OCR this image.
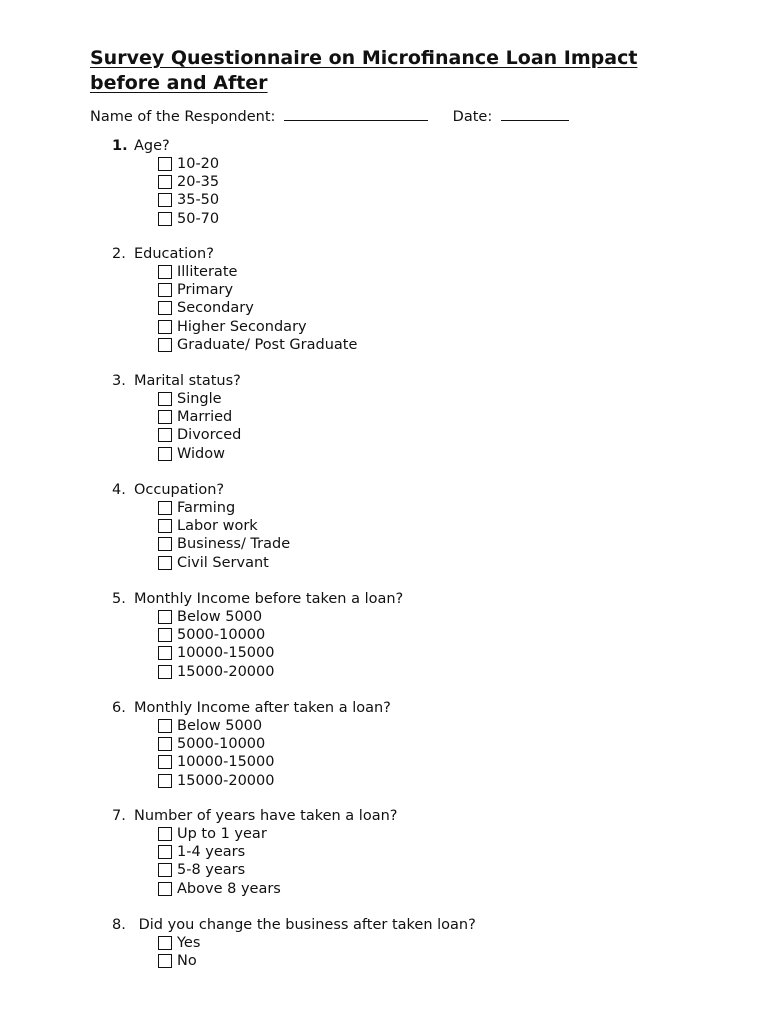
Survey Questionnaire on Microfinance Loan Impact
before and After
Name of the Respondent:	Date:
1. Age?
10-20
20-35
35-50
50-70
2. Education?
Illiterate
Primary
Secondary
Higher Secondary
Graduate/ Post Graduate
3. Marital status?
Single
Married
Divorced
Widow
4. Occupation?
Farming
Labor work
Business/ Trade
Civil Servant
5. Monthly Income before taken a loan?
Below 5000
5000-10000
10000-15000
15000-20000
6. Monthly Income after taken a loan?
Below 5000
5000-10000
10000-15000
15000-20000
7. Number of years have taken a loan?
Up to 1 year
1-4 years
5-8 years
Above 8 years
8. Did you change the business after taken loan?
Yes
No
